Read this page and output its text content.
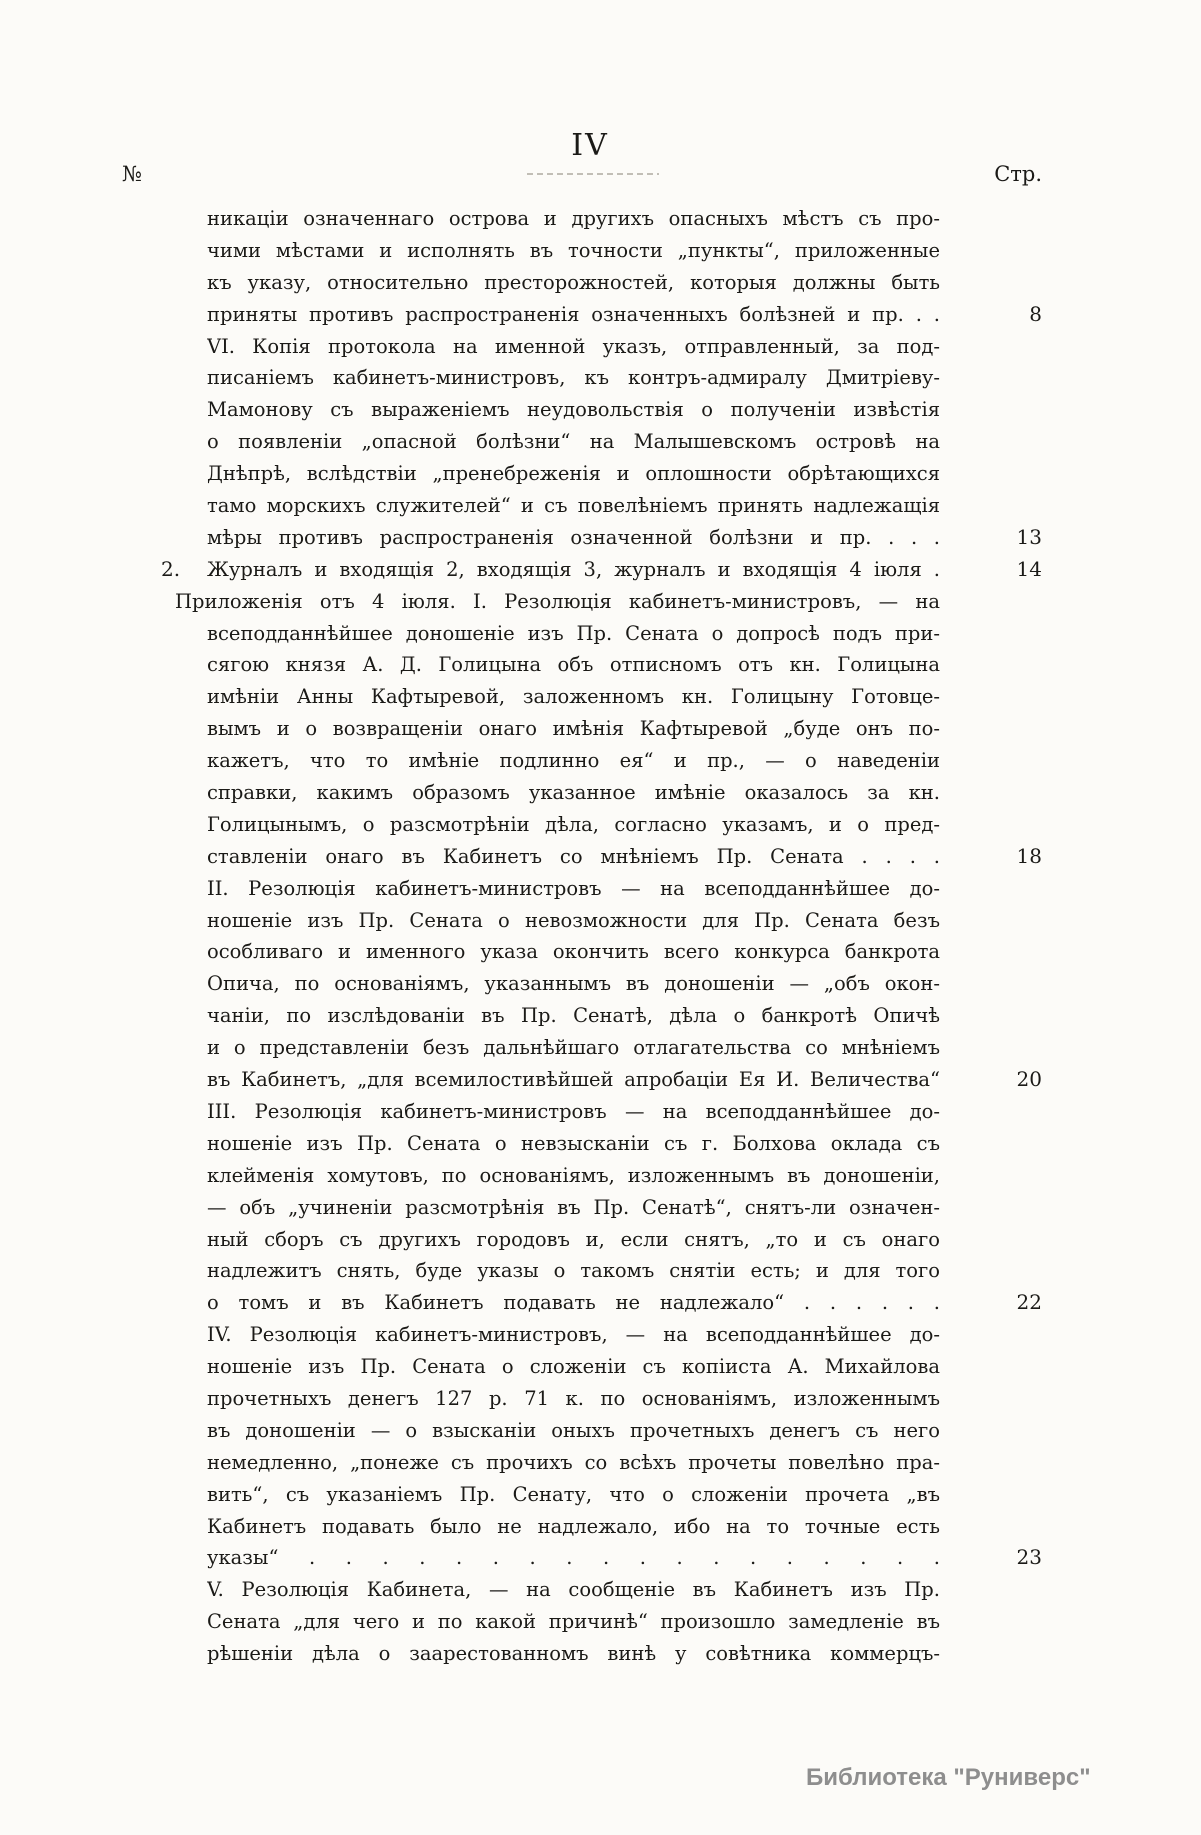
IV
№	Стр.
никаціи означеннаго острова и другихъ опасныхъ мѣстъ съ про-
чими мѣстами и исполнять въ точности „пункты“, приложенные
къ указу, относительно престорожностей, которыя должны быть
приняты противъ распространенія означенныхъ болѣзней и пр. . .	8
VI. Копія протокола на именной указъ, отправленный, за под-
писаніемъ кабинетъ-министровъ, къ контръ-адмиралу Дмитріеву-
Мамонову съ выраженіемъ неудовольствія о полученіи извѣстія
о появленіи „опасной болѣзни“ на Малышевскомъ островѣ на
Днѣпрѣ, вслѣдствіи „пренебреженія и оплошности обрѣтающихся
тамо морскихъ служителей“ и съ повелѣніемъ принять надлежащія
мѣры противъ распространенія означенной болѣзни и пр. . . .	13
2.	Журналъ и входящія 2, входящія 3, журналъ и входящія 4 іюля .	14
Приложенія отъ 4 іюля. I. Резолюція кабинетъ-министровъ, — на
всеподданнѣйшее доношеніе изъ Пр. Сената о допросѣ подъ при-
сягою князя А. Д. Голицына объ отписномъ отъ кн. Голицына
имѣніи Анны Кафтыревой, заложенномъ кн. Голицыну Готовце-
вымъ и о возвращеніи онаго имѣнія Кафтыревой „буде онъ по-
кажетъ, что то имѣніе подлинно ея“ и пр., — о наведеніи
справки, какимъ образомъ указанное имѣніе оказалось за кн.
Голицынымъ, о разсмотрѣніи дѣла, согласно указамъ, и о пред-
ставленіи онаго въ Кабинетъ со мнѣніемъ Пр. Сената . . . .	18
II. Резолюція кабинетъ-министровъ — на всеподданнѣйшее до-
ношеніе изъ Пр. Сената о невозможности для Пр. Сената безъ
особливаго и именного указа окончить всего конкурса банкрота
Опича, по основаніямъ, указаннымъ въ доношеніи — „объ окон-
чаніи, по изслѣдованіи въ Пр. Сенатѣ, дѣла о банкротѣ Опичѣ
и о представленіи безъ дальнѣйшаго отлагательства со мнѣніемъ
въ Кабинетъ, „для всемилостивѣйшей апробаціи Ея И. Величества“	20
III. Резолюція кабинетъ-министровъ — на всеподданнѣйшее до-
ношеніе изъ Пр. Сената о невзысканіи съ г. Болхова оклада съ
клейменія хомутовъ, по основаніямъ, изложеннымъ въ доношеніи,
— объ „учиненіи разсмотрѣнія въ Пр. Сенатѣ“, снятъ-ли означен-
ный сборъ съ другихъ городовъ и, если снятъ, „то и съ онаго
надлежитъ снять, буде указы о такомъ снятіи есть; и для того
о томъ и въ Кабинетъ подавать не надлежало“ . . . . . .	22
IV. Резолюція кабинетъ-министровъ, — на всеподданнѣйшее до-
ношеніе изъ Пр. Сената о сложеніи съ копіиста А. Михайлова
прочетныхъ денегъ 127 р. 71 к. по основаніямъ, изложеннымъ
въ доношеніи — о взысканіи оныхъ прочетныхъ денегъ съ него
немедленно, „понеже съ прочихъ со всѣхъ прочеты повелѣно пра-
вить“, съ указаніемъ Пр. Сенату, что о сложеніи прочета „въ
Кабинетъ подавать было не надлежало, ибо на то точные есть
указы“ . . . . . . . . . . . . . . . . . .	23
V. Резолюція Кабинета, — на сообщеніе въ Кабинетъ изъ Пр.
Сената „для чего и по какой причинѣ“ произошло замедленіе въ
рѣшеніи дѣла о заарестованномъ винѣ у совѣтника коммерцъ-
Библиотека "Руниверс"
